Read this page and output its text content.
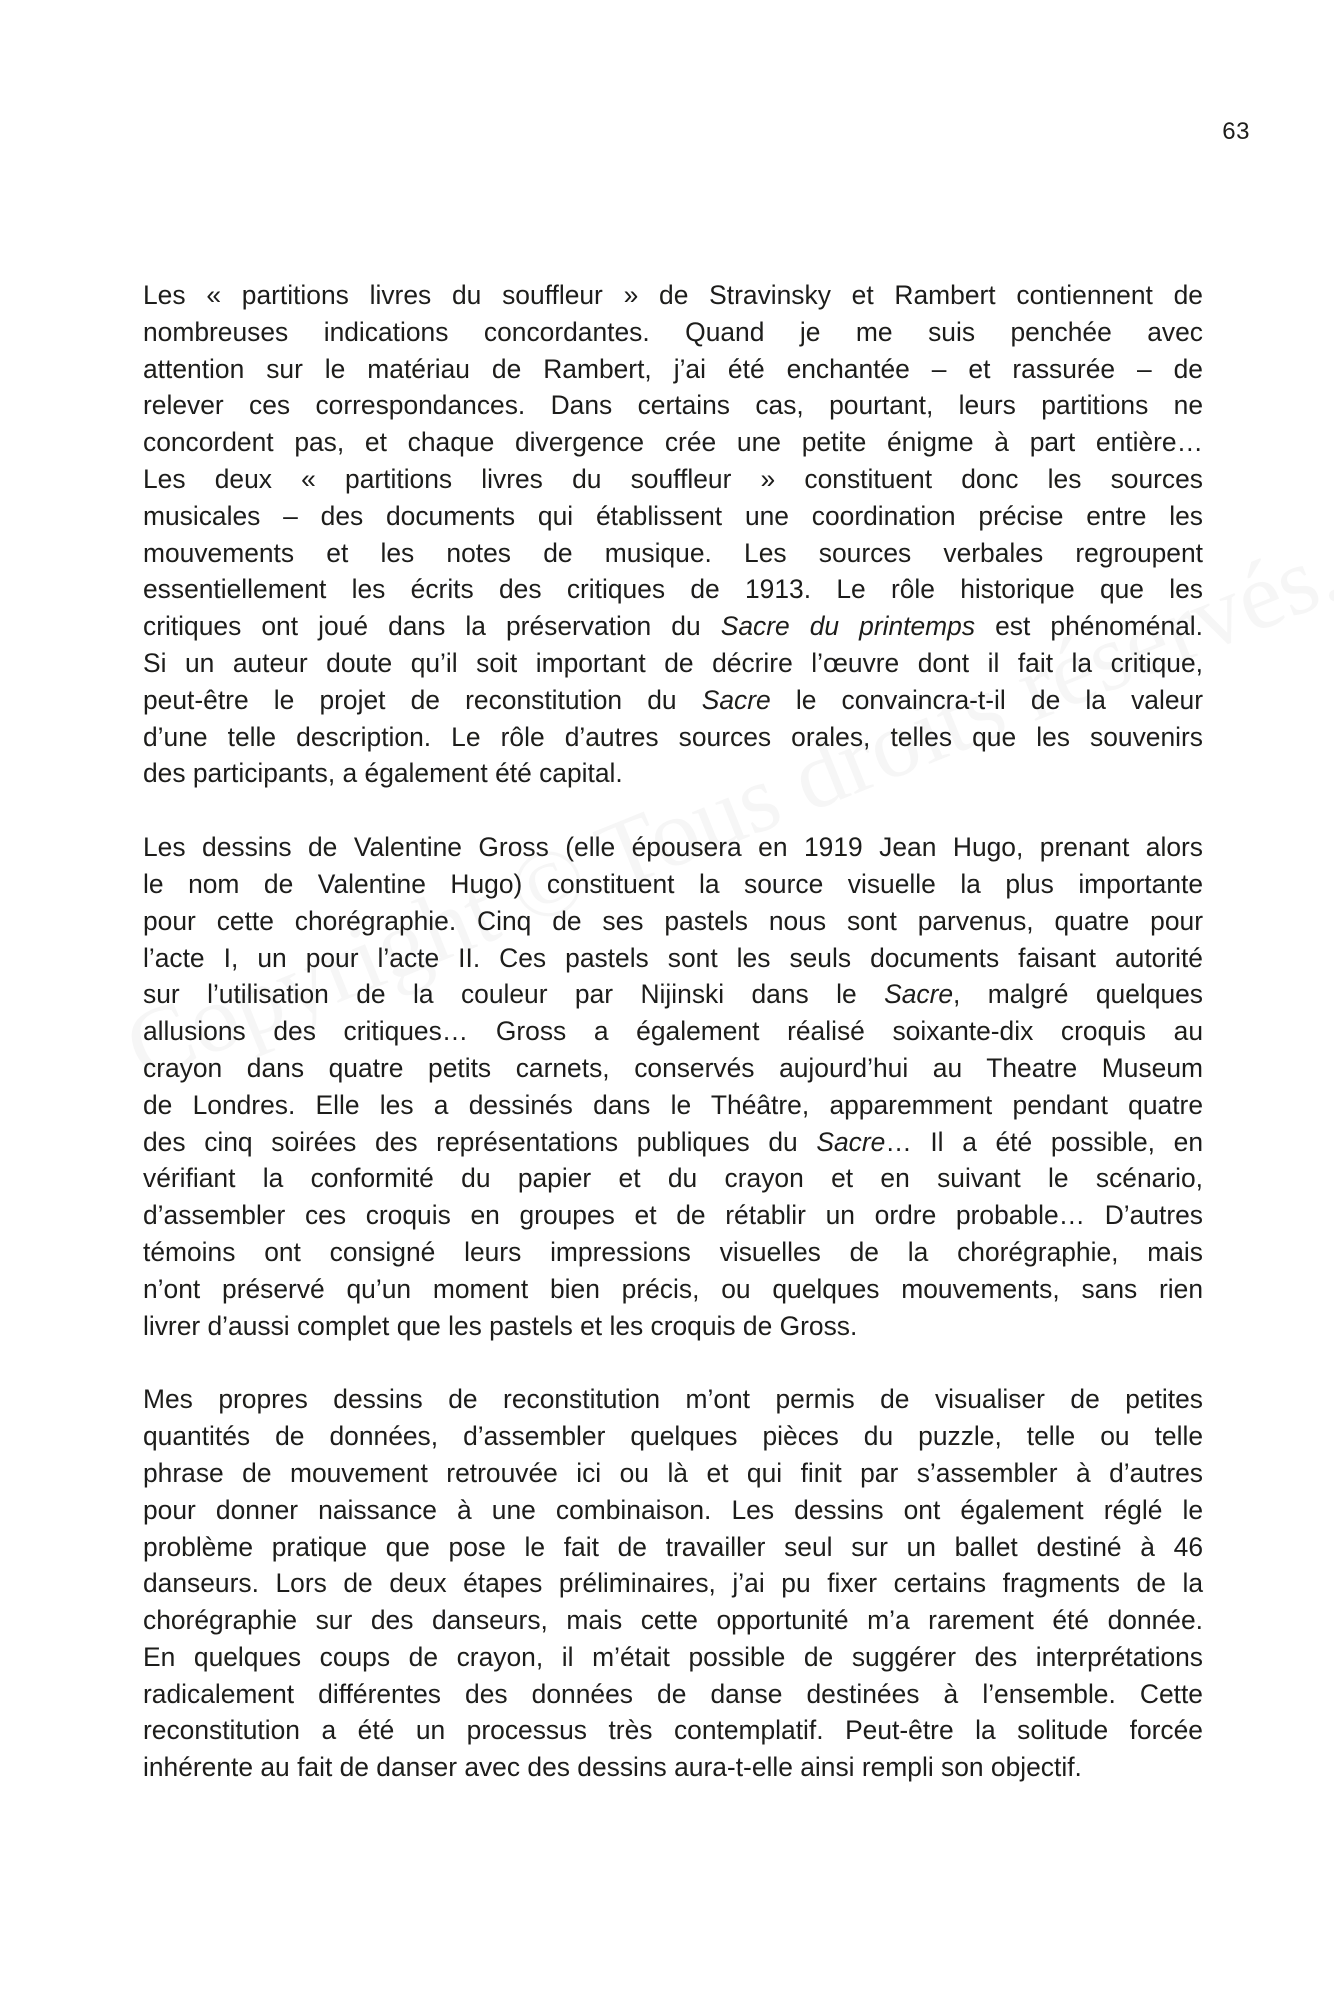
63

Les « partitions livres du souffleur » de Stravinsky et Rambert contiennent de
nombreuses indications concordantes. Quand je me suis penchée avec
attention sur le matériau de Rambert, j’ai été enchantée – et rassurée – de
relever ces correspondances. Dans certains cas, pourtant, leurs partitions ne
concordent pas, et chaque divergence crée une petite énigme à part entière…
Les deux « partitions livres du souffleur » constituent donc les sources
musicales – des documents qui établissent une coordination précise entre les
mouvements et les notes de musique. Les sources verbales regroupent
essentiellement les écrits des critiques de 1913. Le rôle historique que les
critiques ont joué dans la préservation du Sacre du printemps est phénoménal.
Si un auteur doute qu’il soit important de décrire l’œuvre dont il fait la critique,
peut-être le projet de reconstitution du Sacre le convaincra-t-il de la valeur
d’une telle description. Le rôle d’autres sources orales, telles que les souvenirs
des participants, a également été capital.

Les dessins de Valentine Gross (elle épousera en 1919 Jean Hugo, prenant alors
le nom de Valentine Hugo) constituent la source visuelle la plus importante
pour cette chorégraphie. Cinq de ses pastels nous sont parvenus, quatre pour
l’acte I, un pour l’acte II. Ces pastels sont les seuls documents faisant autorité
sur l’utilisation de la couleur par Nijinski dans le Sacre, malgré quelques
allusions des critiques… Gross a également réalisé soixante-dix croquis au
crayon dans quatre petits carnets, conservés aujourd’hui au Theatre Museum
de Londres. Elle les a dessinés dans le Théâtre, apparemment pendant quatre
des cinq soirées des représentations publiques du Sacre… Il a été possible, en
vérifiant la conformité du papier et du crayon et en suivant le scénario,
d’assembler ces croquis en groupes et de rétablir un ordre probable… D’autres
témoins ont consigné leurs impressions visuelles de la chorégraphie, mais
n’ont préservé qu’un moment bien précis, ou quelques mouvements, sans rien
livrer d’aussi complet que les pastels et les croquis de Gross.

Mes propres dessins de reconstitution m’ont permis de visualiser de petites
quantités de données, d’assembler quelques pièces du puzzle, telle ou telle
phrase de mouvement retrouvée ici ou là et qui finit par s’assembler à d’autres
pour donner naissance à une combinaison. Les dessins ont également réglé le
problème pratique que pose le fait de travailler seul sur un ballet destiné à 46
danseurs. Lors de deux étapes préliminaires, j’ai pu fixer certains fragments de la
chorégraphie sur des danseurs, mais cette opportunité m’a rarement été donnée.
En quelques coups de crayon, il m’était possible de suggérer des interprétations
radicalement différentes des données de danse destinées à l’ensemble. Cette
reconstitution a été un processus très contemplatif. Peut-être la solitude forcée
inhérente au fait de danser avec des dessins aura-t-elle ainsi rempli son objectif.
